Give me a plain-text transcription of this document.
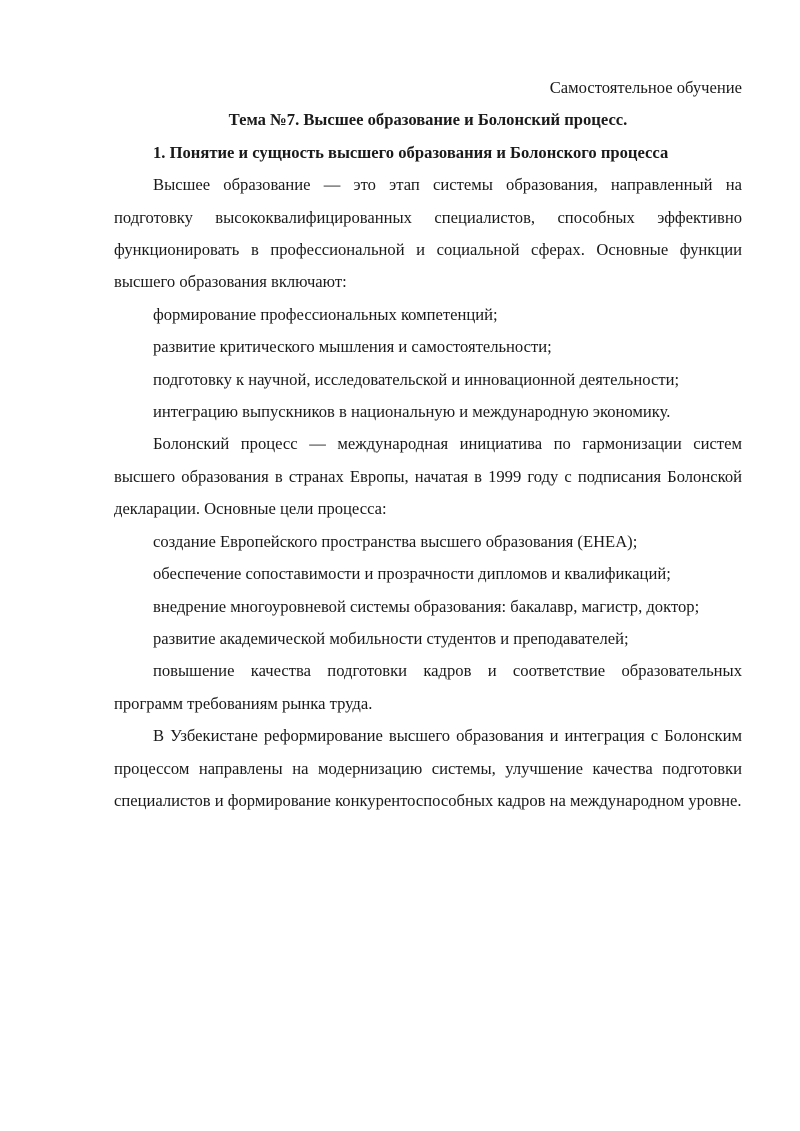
Самостоятельное обучение
Тема №7. Высшее образование и Болонский процесс.
1. Понятие и сущность высшего образования и Болонского процесса

Высшее образование — это этап системы образования, направленный на подготовку высококвалифицированных специалистов, способных эффективно функционировать в профессиональной и социальной сферах. Основные функции высшего образования включают:

формирование профессиональных компетенций;

развитие критического мышления и самостоятельности;

подготовку к научной, исследовательской и инновационной деятельности;

интеграцию выпускников в национальную и международную экономику.

Болонский процесс — международная инициатива по гармонизации систем высшего образования в странах Европы, начатая в 1999 году с подписания Болонской декларации. Основные цели процесса:

создание Европейского пространства высшего образования (EHEA);

обеспечение сопоставимости и прозрачности дипломов и квалификаций;

внедрение многоуровневой системы образования: бакалавр, магистр, доктор;

развитие академической мобильности студентов и преподавателей;

повышение качества подготовки кадров и соответствие образовательных программ требованиям рынка труда.

В Узбекистане реформирование высшего образования и интеграция с Болонским процессом направлены на модернизацию системы, улучшение качества подготовки специалистов и формирование конкурентоспособных кадров на международном уровне.
